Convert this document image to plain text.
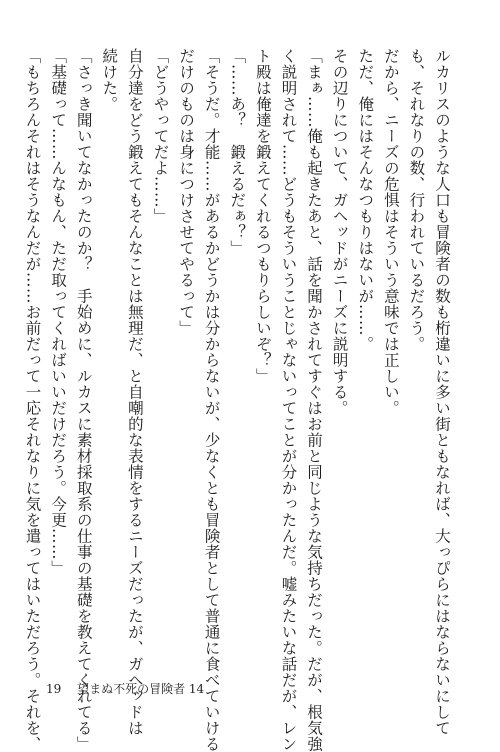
ルカリスのような人口も冒険者の数も桁違いに多い街ともなれば、大っぴらにはならないにして

も、それなりの数、行われているだろう。

だから、ニーズの危惧はそういう意味では正しい。

ただ、俺にはそんなつもりはないが……。

その辺りについて、ガヘッドがニーズに説明する。

「まぁ……俺も起きたあと、話を聞かされてすぐはお前と同じような気持ちだった。だが、根気強

く説明されて……どうもそういうことじゃないってことが分かったんだ。嘘みたいな話だが、レン

ト殿は俺達を鍛えてくれるつもりらしいぞ？」

「……あ？　鍛えるだぁ？」

「そうだ。才能……があるかどうかは分からないが、少なくとも冒険者として普通に食べていける

だけのものは身につけさせてやるって」

「どうやってだよ……」

自分達をどう鍛えてもそんなことは無理だ、と自嘲的な表情をするニーズだったが、ガヘッドは

続けた。

「さっき聞いてなかったのか？　手始めに、ルカスに素材採取系の仕事の基礎を教えてくれてる」

「基礎って……んなもん、ただ取ってくればいいだけだろう。今更……」

「もちろんそれはそうなんだが……お前だって一応それなりに気を遣ってはいただろう。それを、 19 望まぬ不死の冒険者 14
